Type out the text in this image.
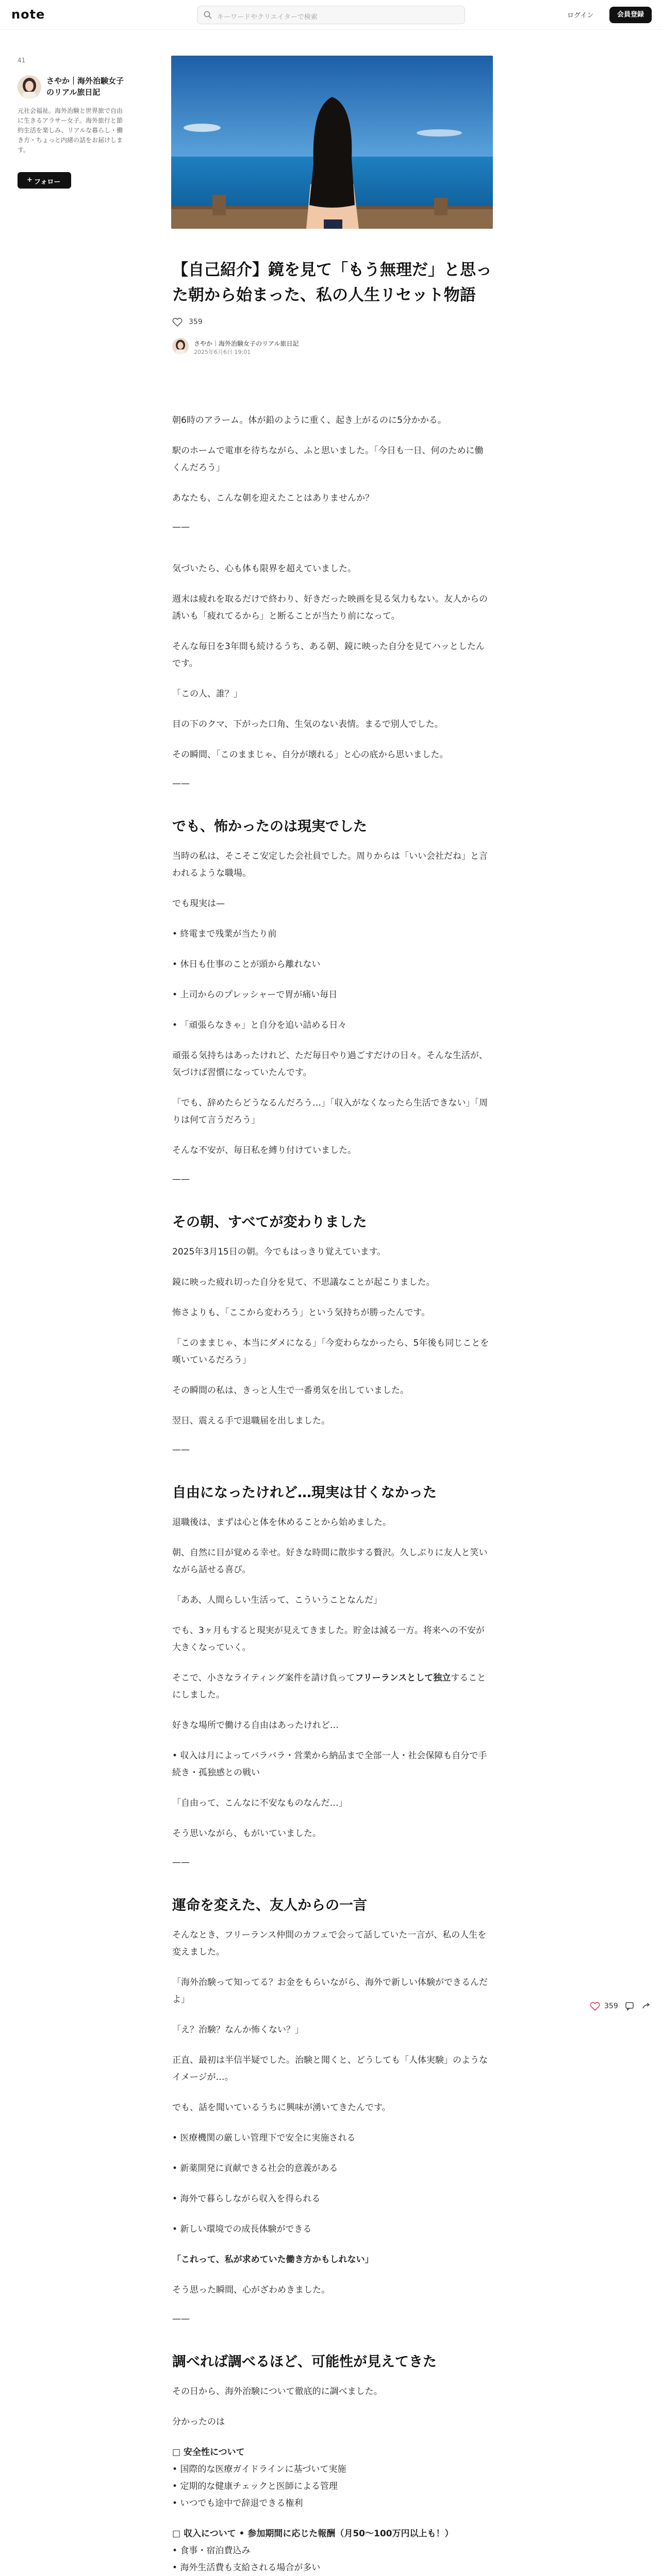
note	キーワードやクリエイターで検索	ログイン	会員登録
41
さやか｜海外治験女子のリアル旅日記
元社会福祉。海外治験と世界旅で自由に生きるアラサー女子。海外旅行と節約生活を楽しみ、リアルな暮らし・働き方・ちょっと内緒の話をお届けします。
+ フォロー
【自己紹介】鏡を見て「もう無理だ」と思った朝から始まった、私の人生リセット物語
359
さやか｜海外治験女子のリアル旅日記
2025年6月6日 19:01
朝6時のアラーム。体が鉛のように重く、起き上がるのに5分かかる。
駅のホームで電車を待ちながら、ふと思いました。「今日も一日、何のために働くんだろう」
あなたも、こんな朝を迎えたことはありませんか？
——
気づいたら、心も体も限界を超えていました。
週末は疲れを取るだけで終わり、好きだった映画を見る気力もない。友人からの誘いも「疲れてるから」と断ることが当たり前になって。
そんな毎日を3年間も続けるうち、ある朝、鏡に映った自分を見てハッとしたんです。
「この人、誰？」
目の下のクマ、下がった口角、生気のない表情。まるで別人でした。
その瞬間、「このままじゃ、自分が壊れる」と心の底から思いました。
——
でも、怖かったのは現実でした
当時の私は、そこそこ安定した会社員でした。周りからは「いい会社だね」と言われるような職場。
でも現実は—
• 終電まで残業が当たり前
• 休日も仕事のことが頭から離れない
• 上司からのプレッシャーで胃が痛い毎日
• 「頑張らなきゃ」と自分を追い詰める日々
頑張る気持ちはあったけれど、ただ毎日やり過ごすだけの日々。そんな生活が、気づけば習慣になっていたんです。
「でも、辞めたらどうなるんだろう…」「収入がなくなったら生活できない」「周りは何て言うだろう」
そんな不安が、毎日私を縛り付けていました。
——
その朝、すべてが変わりました
2025年3月15日の朝。今でもはっきり覚えています。
鏡に映った疲れ切った自分を見て、不思議なことが起こりました。
怖さよりも、「ここから変わろう」という気持ちが勝ったんです。
「このままじゃ、本当にダメになる」「今変わらなかったら、5年後も同じことを嘆いているだろう」
その瞬間の私は、きっと人生で一番勇気を出していました。
翌日、震える手で退職届を出しました。
——
自由になったけれど…現実は甘くなかった
退職後は、まずは心と体を休めることから始めました。
朝、自然に目が覚める幸せ。好きな時間に散歩する贅沢。久しぶりに友人と笑いながら話せる喜び。
「ああ、人間らしい生活って、こういうことなんだ」
でも、3ヶ月もすると現実が見えてきました。貯金は減る一方。将来への不安が大きくなっていく。
そこで、小さなライティング案件を請け負ってフリーランスとして独立することにしました。
好きな場所で働ける自由はあったけれど…
• 収入は月によってバラバラ・営業から納品まで全部一人・社会保障も自分で手続き・孤独感との戦い
「自由って、こんなに不安なものなんだ…」
そう思いながら、もがいていました。
——
運命を変えた、友人からの一言
そんなとき、フリーランス仲間のカフェで会って話していた一言が、私の人生を変えました。
「海外治験って知ってる？お金をもらいながら、海外で新しい体験ができるんだよ」
「え？治験？なんか怖くない？」
正直、最初は半信半疑でした。治験と聞くと、どうしても「人体実験」のようなイメージが…。
でも、話を聞いているうちに興味が湧いてきたんです。
• 医療機関の厳しい管理下で安全に実施される
• 新薬開発に貢献できる社会的意義がある
• 海外で暮らしながら収入を得られる
• 新しい環境での成長体験ができる
「これって、私が求めていた働き方かもしれない」
そう思った瞬間、心がざわめきました。
——
調べれば調べるほど、可能性が見えてきた
その日から、海外治験について徹底的に調べました。
分かったのは
□ 安全性について
• 国際的な医療ガイドラインに基づいて実施
• 定期的な健康チェックと医師による管理
• いつでも途中で辞退できる権利
□ 収入について • 参加期間に応じた報酬（月50〜100万円以上も！）
• 食事・宿泊費込み
• 海外生活費も支給される場合が多い
359
